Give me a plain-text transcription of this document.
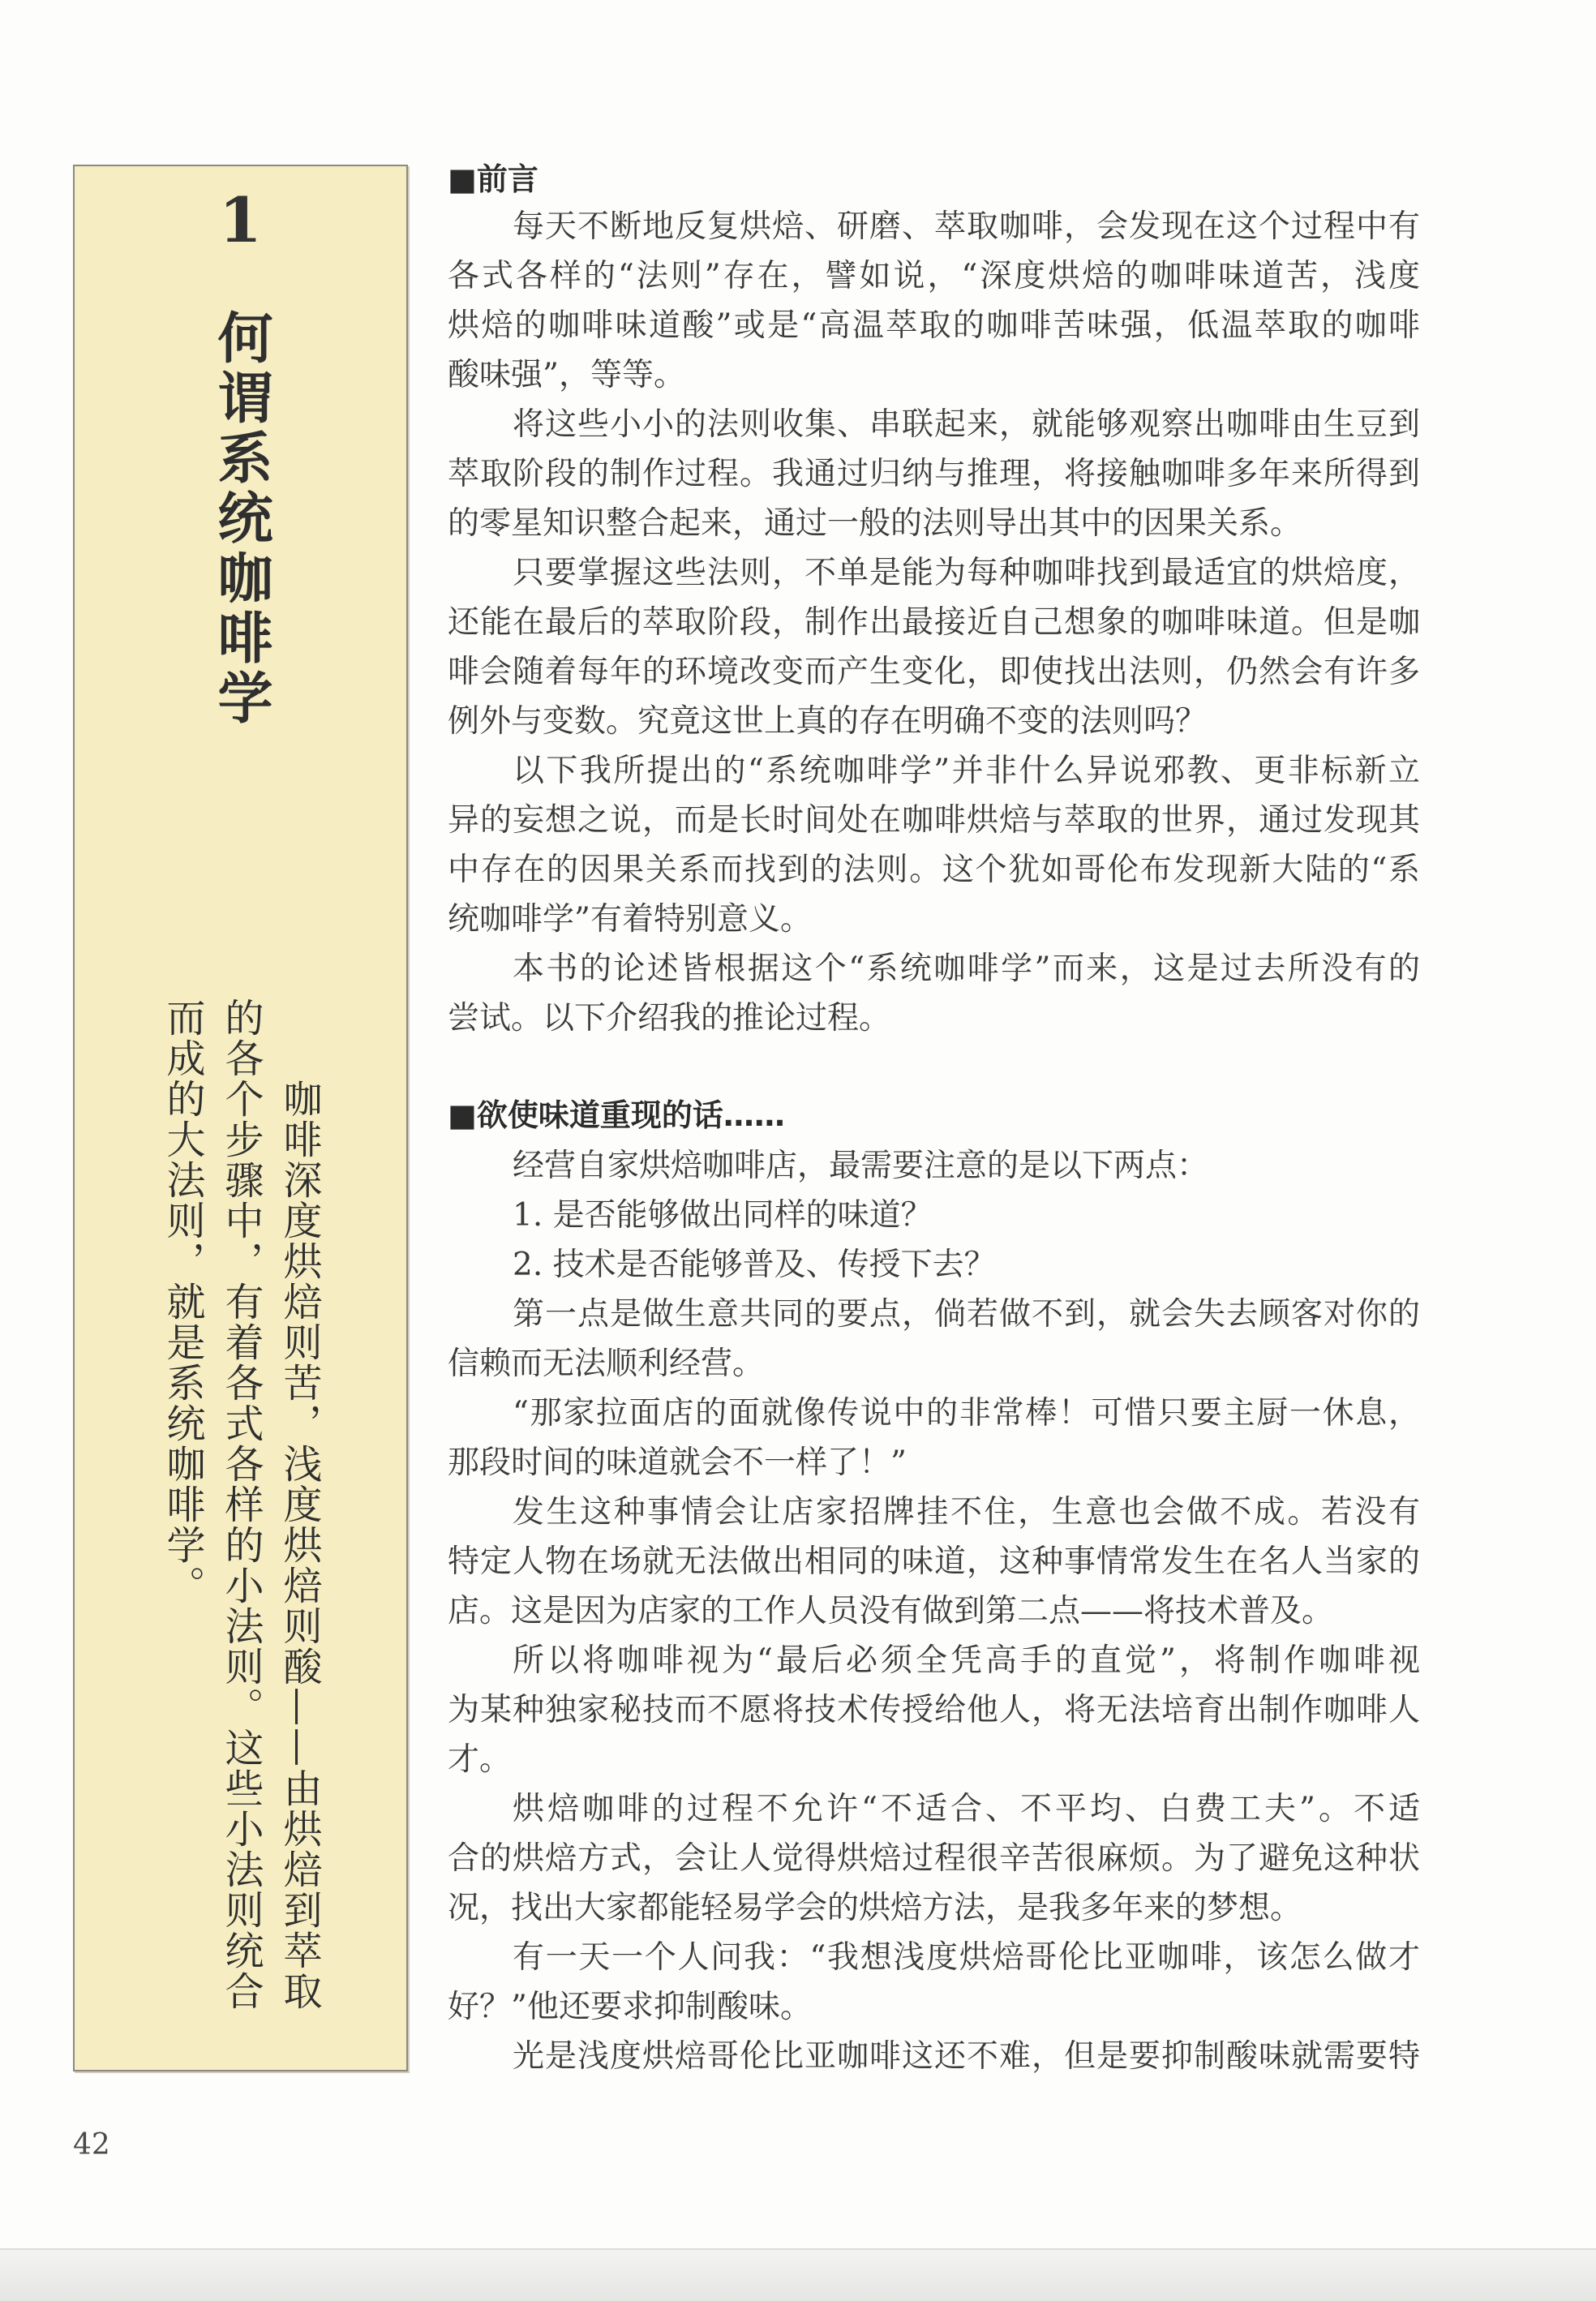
1
何谓系统咖啡学
咖啡深度烘焙则苦，浅度烘焙则酸——由烘焙到萃取
的各个步骤中，有着各式各样的小法则。这些小法则统合
而成的大法则，就是系统咖啡学。
■前言
每天不断地反复烘焙、研磨、萃取咖啡，会发现在这个过程中有
各式各样的“法则”存在，譬如说，“深度烘焙的咖啡味道苦，浅度
烘焙的咖啡味道酸”或是“高温萃取的咖啡苦味强，低温萃取的咖啡
酸味强”，等等。
将这些小小的法则收集、串联起来，就能够观察出咖啡由生豆到
萃取阶段的制作过程。我通过归纳与推理，将接触咖啡多年来所得到
的零星知识整合起来，通过一般的法则导出其中的因果关系。
只要掌握这些法则，不单是能为每种咖啡找到最适宜的烘焙度，
还能在最后的萃取阶段，制作出最接近自己想象的咖啡味道。但是咖
啡会随着每年的环境改变而产生变化，即使找出法则，仍然会有许多
例外与变数。究竟这世上真的存在明确不变的法则吗？
以下我所提出的“系统咖啡学”并非什么异说邪教、更非标新立
异的妄想之说，而是长时间处在咖啡烘焙与萃取的世界，通过发现其
中存在的因果关系而找到的法则。这个犹如哥伦布发现新大陆的“系
统咖啡学”有着特别意义。
本书的论述皆根据这个“系统咖啡学”而来，这是过去所没有的
尝试。以下介绍我的推论过程。
■欲使味道重现的话……
经营自家烘焙咖啡店，最需要注意的是以下两点：
1. 是否能够做出同样的味道？
2. 技术是否能够普及、传授下去？
第一点是做生意共同的要点，倘若做不到，就会失去顾客对你的
信赖而无法顺利经营。
“那家拉面店的面就像传说中的非常棒！可惜只要主厨一休息，
那段时间的味道就会不一样了！”
发生这种事情会让店家招牌挂不住，生意也会做不成。若没有
特定人物在场就无法做出相同的味道，这种事情常发生在名人当家的
店。这是因为店家的工作人员没有做到第二点——将技术普及。
所以将咖啡视为“最后必须全凭高手的直觉”，将制作咖啡视
为某种独家秘技而不愿将技术传授给他人，将无法培育出制作咖啡人
才。
烘焙咖啡的过程不允许“不适合、不平均、白费工夫”。不适
合的烘焙方式，会让人觉得烘焙过程很辛苦很麻烦。为了避免这种状
况，找出大家都能轻易学会的烘焙方法，是我多年来的梦想。
有一天一个人问我：“我想浅度烘焙哥伦比亚咖啡，该怎么做才
好？”他还要求抑制酸味。
光是浅度烘焙哥伦比亚咖啡这还不难，但是要抑制酸味就需要特
42
